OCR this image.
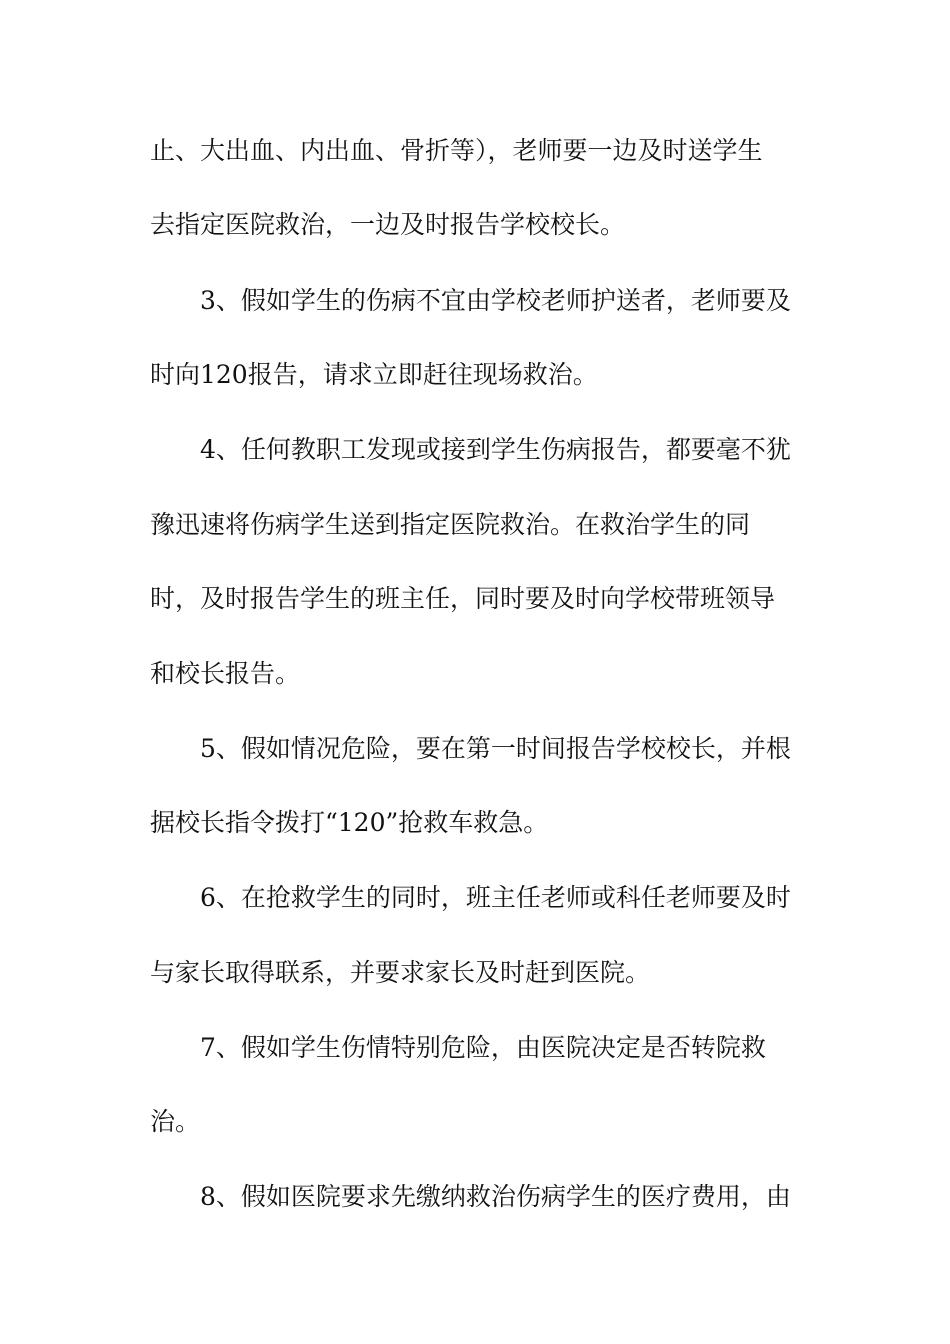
止、大出血、内出血、骨折等），老师要一边及时送学生
去指定医院救治，一边及时报告学校校长。
3、假如学生的伤病不宜由学校老师护送者，老师要及
时向120报告，请求立即赶往现场救治。
4、任何教职工发现或接到学生伤病报告，都要毫不犹
豫迅速将伤病学生送到指定医院救治。在救治学生的同
时，及时报告学生的班主任，同时要及时向学校带班领导
和校长报告。
5、假如情况危险，要在第一时间报告学校校长，并根
据校长指令拨打“120”抢救车救急。
6、在抢救学生的同时，班主任老师或科任老师要及时
与家长取得联系，并要求家长及时赶到医院。
7、假如学生伤情特别危险，由医院决定是否转院救
治。
8、假如医院要求先缴纳救治伤病学生的医疗费用，由
